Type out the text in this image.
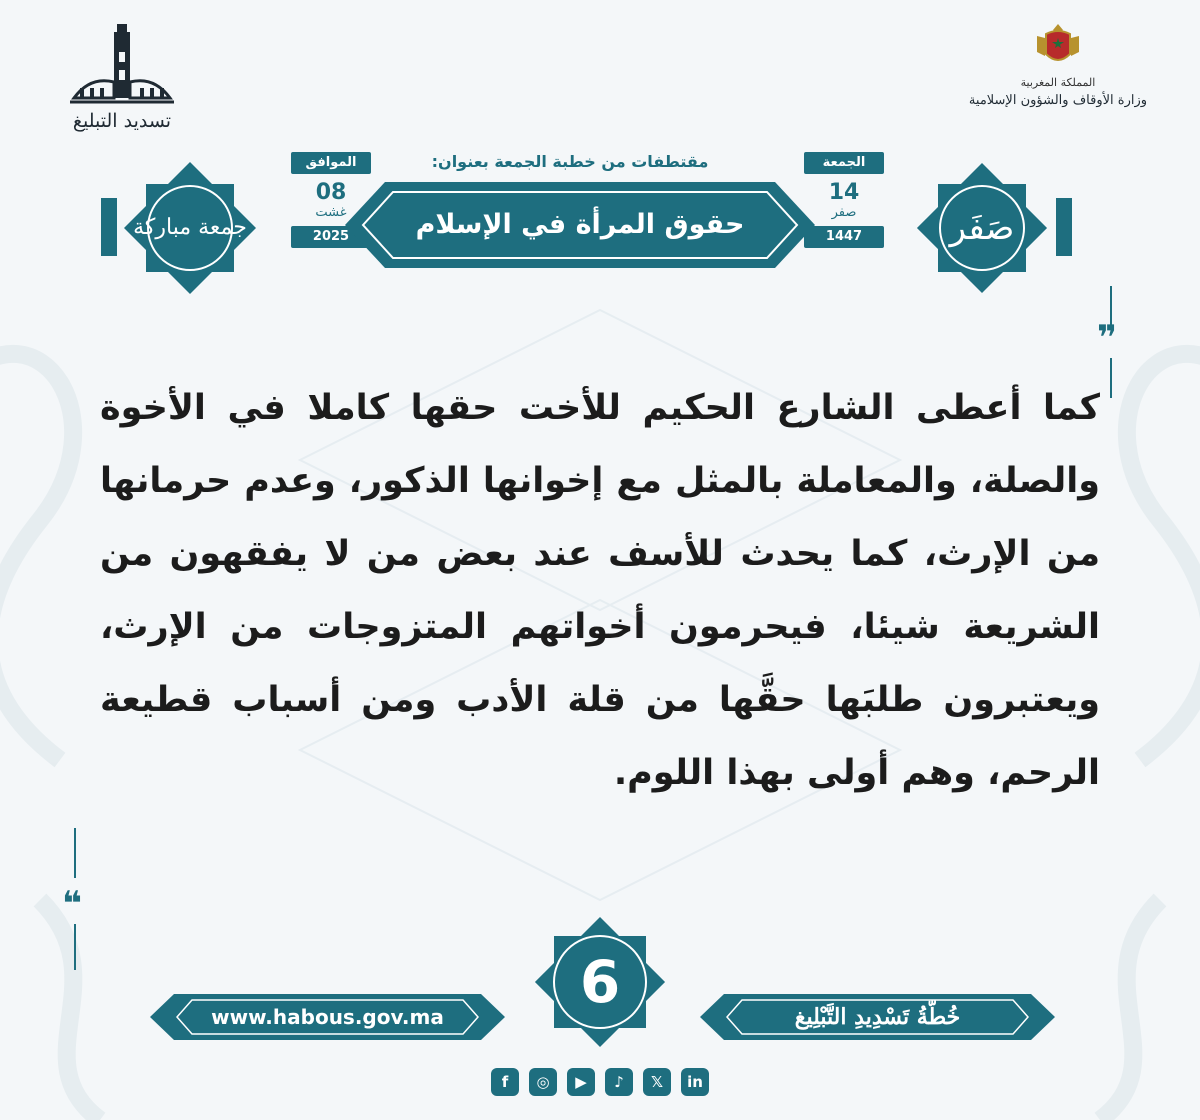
تسديد التبليغ
المملكة المغربية
وزارة الأوقاف والشؤون الإسلامية
مقتطفات من خطبة الجمعة بعنوان:
جمعة مباركة
الموافق
08
غشت
2025	حقوق المرأة في الإسلام
الجمعة
14
صفر
1447	صَفَر
❞
❝
كما أعطى الشارع الحكيم للأخت حقها كاملا في الأخوة والصلة، والمعاملة بالمثل مع إخوانها الذكور، وعدم حرمانها من الإرث، كما يحدث للأسف عند بعض من لا يفقهون من الشريعة شيئا، فيحرمون أخواتهم المتزوجات من الإرث، ويعتبرون طلبَها حقَّها من قلة الأدب ومن أسباب قطيعة الرحم، وهم أولى بهذا اللوم.
www.habous.gov.ma
6
خُطّةُ تَسْدِيدِ التَّبْلِيغ
f	◎	▶	♪	𝕏	in
